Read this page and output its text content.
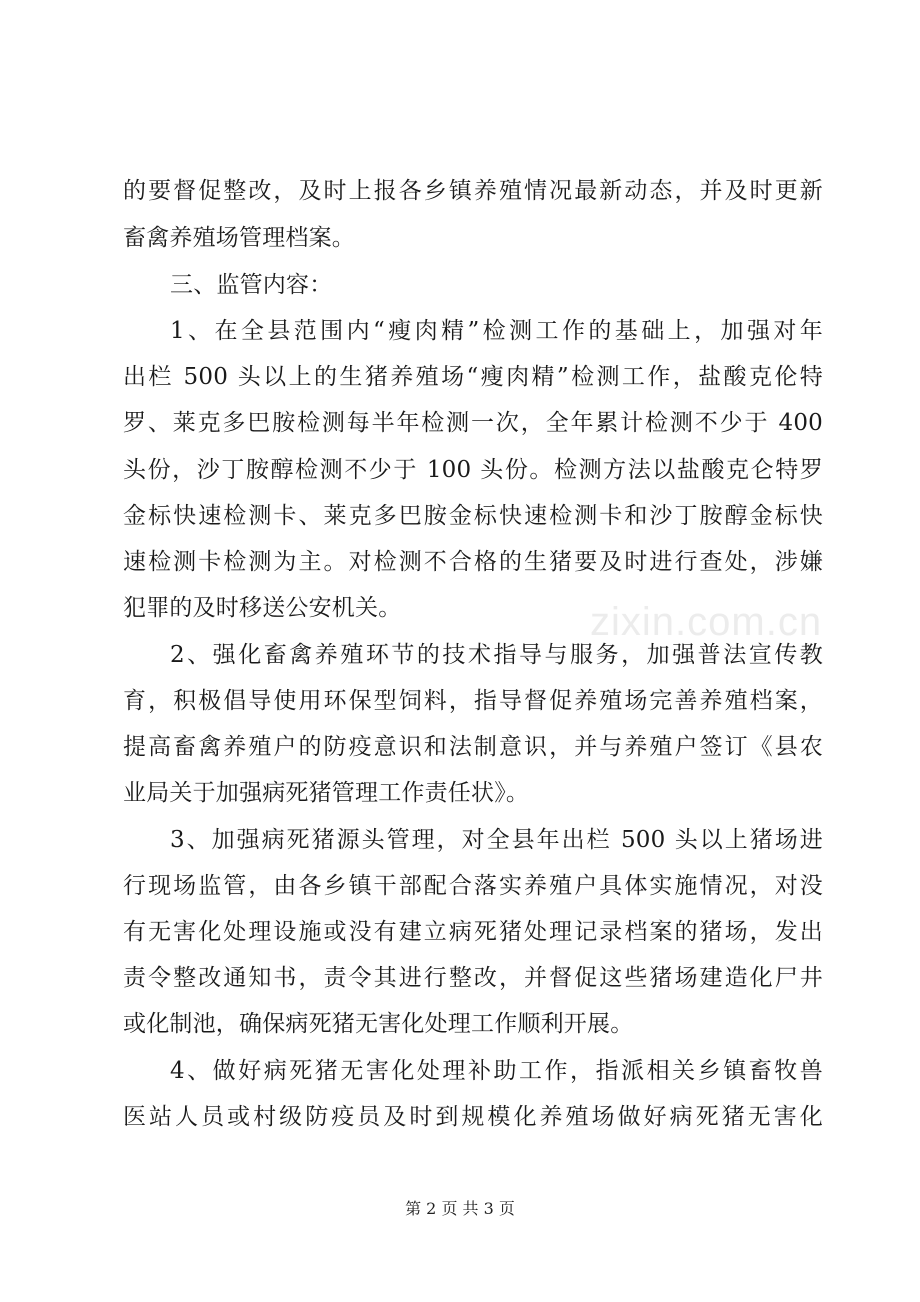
zixin.com.cn
的要督促整改，及时上报各乡镇养殖情况最新动态，并及时更新
畜禽养殖场管理档案。
三、监管内容：
1、在全县范围内“瘦肉精”检测工作的基础上，加强对年
出栏 500 头以上的生猪养殖场“瘦肉精”检测工作，盐酸克伦特
罗、莱克多巴胺检测每半年检测一次，全年累计检测不少于 400
头份，沙丁胺醇检测不少于 100 头份。检测方法以盐酸克仑特罗
金标快速检测卡、莱克多巴胺金标快速检测卡和沙丁胺醇金标快
速检测卡检测为主。对检测不合格的生猪要及时进行查处，涉嫌
犯罪的及时移送公安机关。
2、强化畜禽养殖环节的技术指导与服务，加强普法宣传教
育，积极倡导使用环保型饲料，指导督促养殖场完善养殖档案，
提高畜禽养殖户的防疫意识和法制意识，并与养殖户签订《县农
业局关于加强病死猪管理工作责任状》。
3、加强病死猪源头管理，对全县年出栏 500 头以上猪场进
行现场监管，由各乡镇干部配合落实养殖户具体实施情况，对没
有无害化处理设施或没有建立病死猪处理记录档案的猪场，发出
责令整改通知书，责令其进行整改，并督促这些猪场建造化尸井
或化制池，确保病死猪无害化处理工作顺利开展。
4、做好病死猪无害化处理补助工作，指派相关乡镇畜牧兽
医站人员或村级防疫员及时到规模化养殖场做好病死猪无害化
第 2 页 共 3 页
